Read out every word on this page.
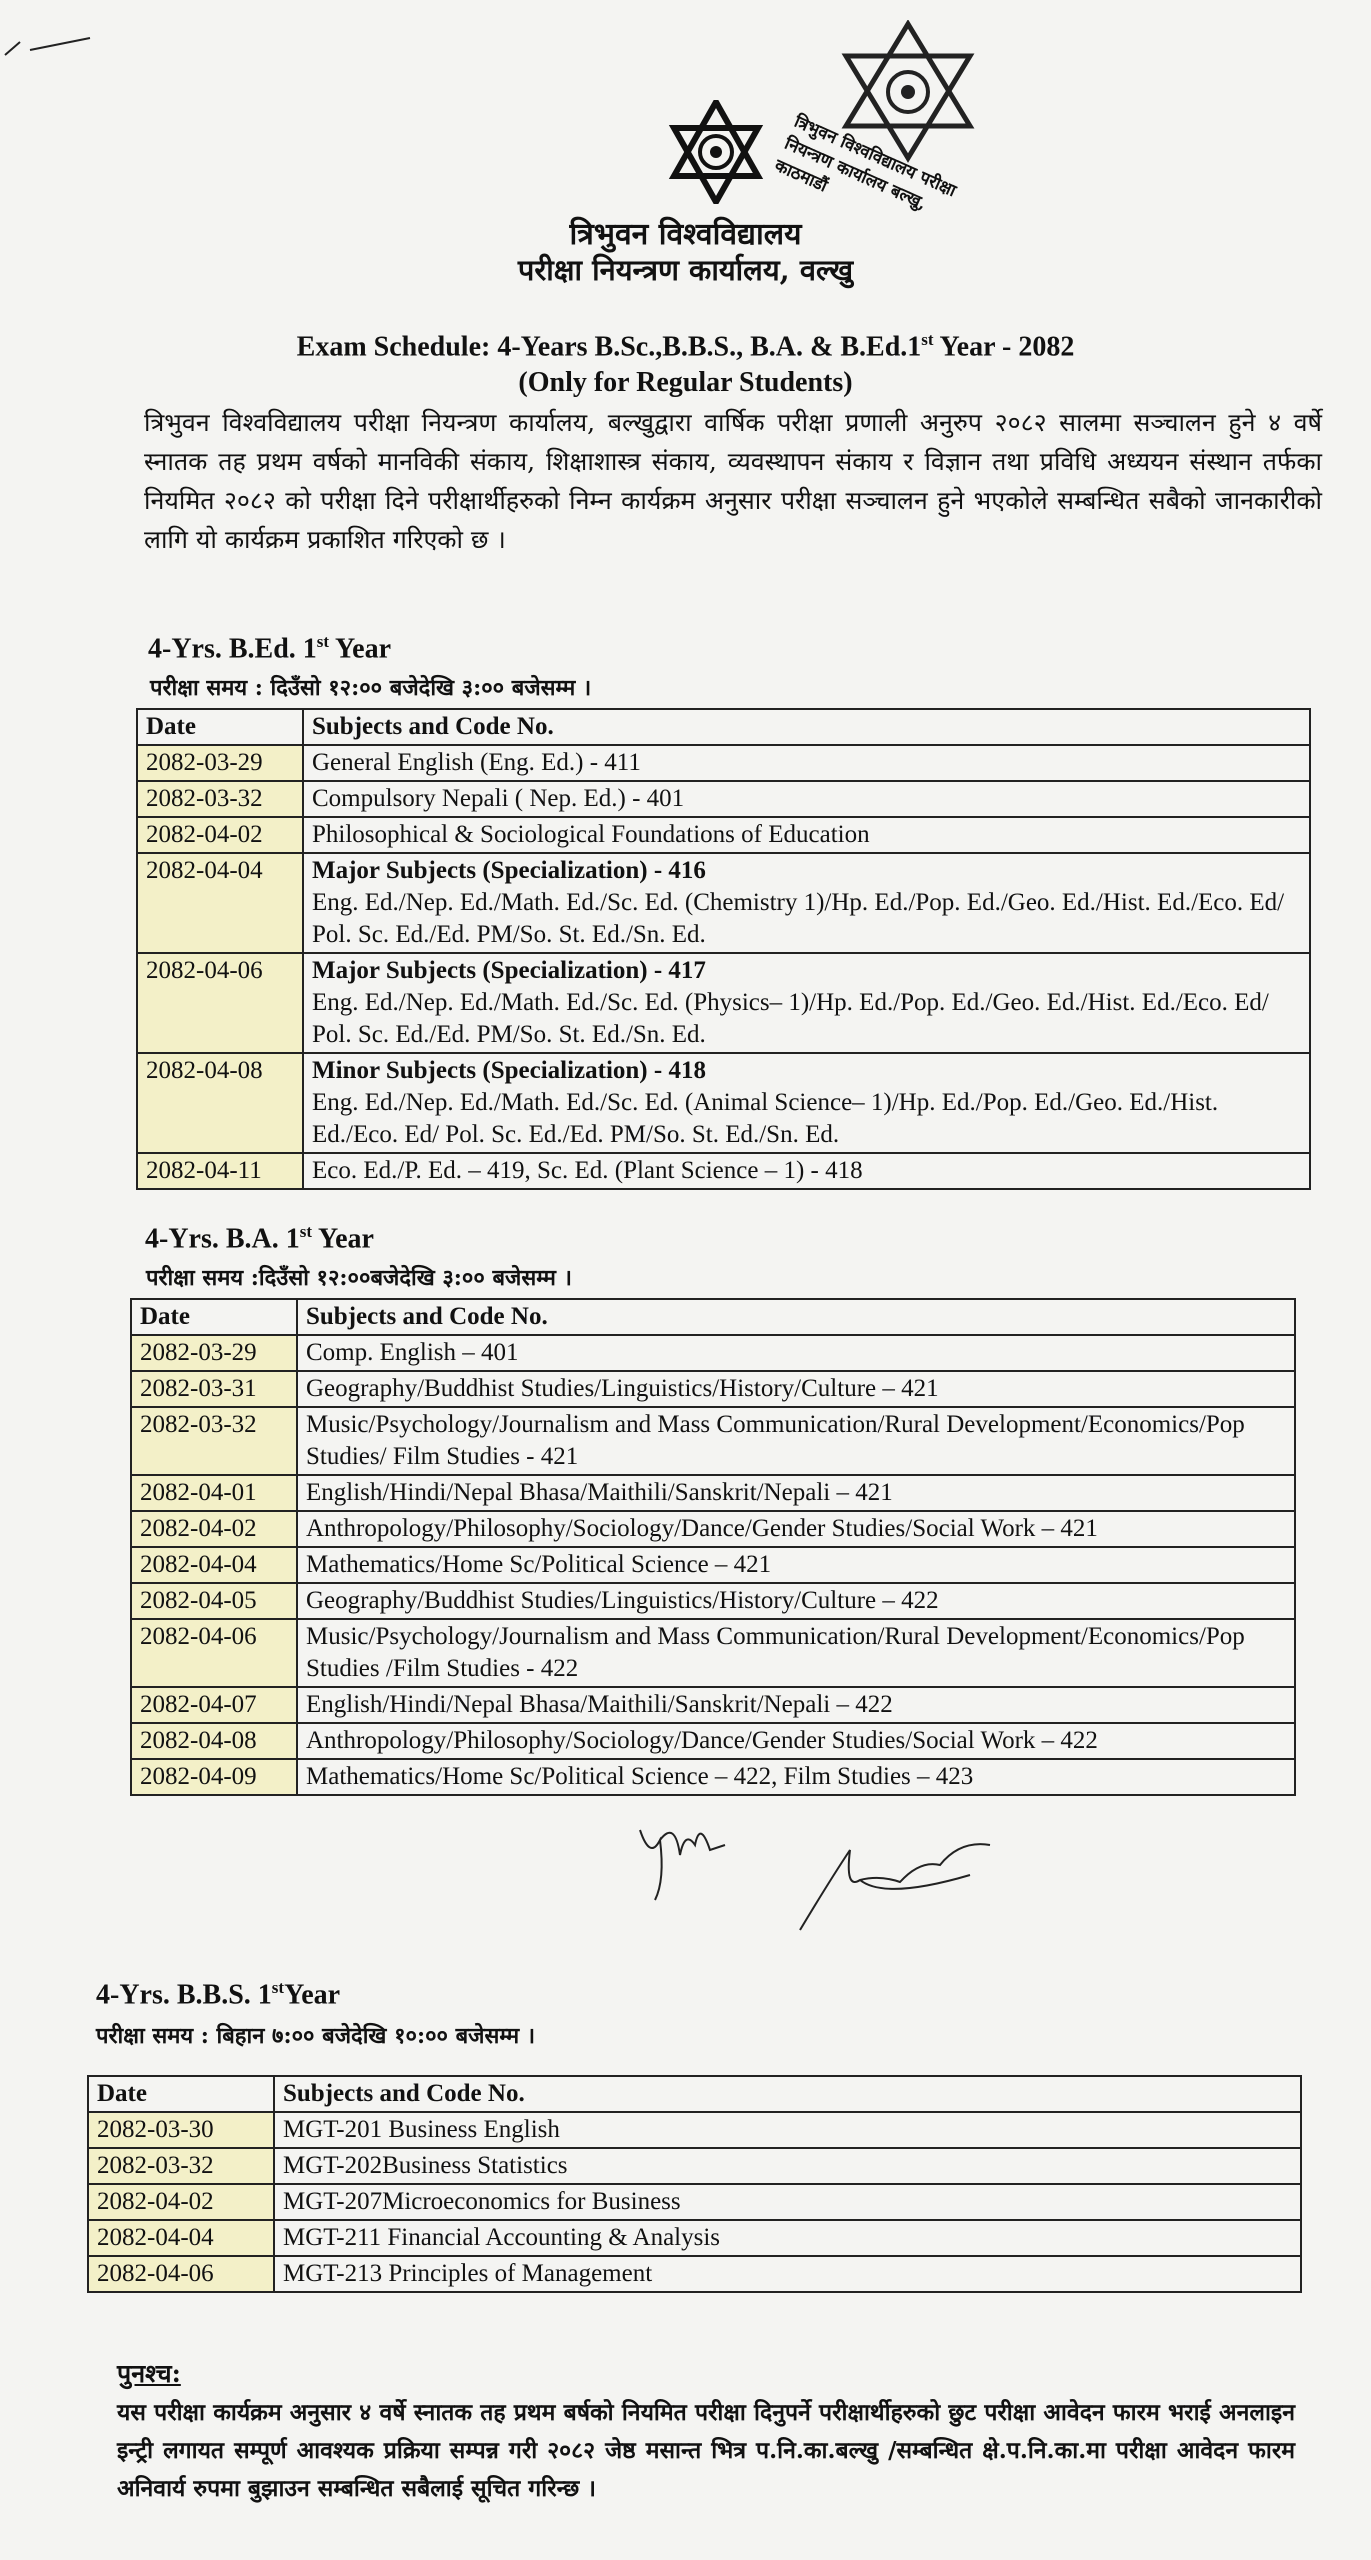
त्रिभुवन विश्वविद्यालय परीक्षा नियन्त्रण कार्यालय बल्खु, काठमाडौं
त्रिभुवन विश्वविद्यालय
परीक्षा नियन्त्रण कार्यालय, वल्खु
Exam Schedule: 4-Years B.Sc.,B.B.S., B.A. & B.Ed.1st Year - 2082
(Only for Regular Students)
त्रिभुवन विश्वविद्यालय परीक्षा नियन्त्रण कार्यालय, बल्खुद्वारा वार्षिक परीक्षा प्रणाली अनुरुप २०८२ सालमा सञ्चालन हुने ४ वर्षे स्नातक तह प्रथम वर्षको मानविकी संकाय, शिक्षाशास्त्र संकाय, व्यवस्थापन संकाय र विज्ञान तथा प्रविधि अध्ययन संस्थान तर्फका नियमित २०८२ को परीक्षा दिने परीक्षार्थीहरुको निम्न कार्यक्रम अनुसार परीक्षा सञ्चालन हुने भएकोले सम्बन्धित सबैको जानकारीको लागि यो कार्यक्रम प्रकाशित गरिएको छ ।
4-Yrs. B.Ed. 1st Year
परीक्षा समय : दिउँसो १२:०० बजेदेखि ३:०० बजेसम्म ।
Date	Subjects and Code No.
2082-03-29	General English (Eng. Ed.) - 411

2082-03-32	Compulsory Nepali ( Nep. Ed.) - 401

2082-04-02	Philosophical & Sociological Foundations of Education

2082-04-04	Major Subjects (Specialization) - 416
Eng. Ed./Nep. Ed./Math. Ed./Sc. Ed. (Chemistry 1)/Hp. Ed./Pop. Ed./Geo. Ed./Hist. Ed./Eco. Ed/ Pol. Sc. Ed./Ed. PM/So. St. Ed./Sn. Ed.

2082-04-06	Major Subjects (Specialization) - 417
Eng. Ed./Nep. Ed./Math. Ed./Sc. Ed. (Physics– 1)/Hp. Ed./Pop. Ed./Geo. Ed./Hist. Ed./Eco. Ed/ Pol. Sc. Ed./Ed. PM/So. St. Ed./Sn. Ed.

2082-04-08	Minor Subjects (Specialization) - 418
Eng. Ed./Nep. Ed./Math. Ed./Sc. Ed. (Animal Science– 1)/Hp. Ed./Pop. Ed./Geo. Ed./Hist. Ed./Eco. Ed/ Pol. Sc. Ed./Ed. PM/So. St. Ed./Sn. Ed.

2082-04-11	Eco. Ed./P. Ed. – 419, Sc. Ed. (Plant Science – 1) - 418
4-Yrs. B.A. 1st Year
परीक्षा समय :दिउँसो १२:००बजेदेखि ३:०० बजेसम्म ।
Date	Subjects and Code No.
2082-03-29	Comp. English – 401
2082-03-31	Geography/Buddhist Studies/Linguistics/History/Culture – 421
2082-03-32	Music/Psychology/Journalism and Mass Communication/Rural Development/Economics/Pop Studies/ Film Studies - 421
2082-04-01	English/Hindi/Nepal Bhasa/Maithili/Sanskrit/Nepali – 421
2082-04-02	Anthropology/Philosophy/Sociology/Dance/Gender Studies/Social Work – 421
2082-04-04	Mathematics/Home Sc/Political Science – 421
2082-04-05	Geography/Buddhist Studies/Linguistics/History/Culture – 422
2082-04-06	Music/Psychology/Journalism and Mass Communication/Rural Development/Economics/Pop Studies /Film Studies - 422
2082-04-07	English/Hindi/Nepal Bhasa/Maithili/Sanskrit/Nepali – 422
2082-04-08	Anthropology/Philosophy/Sociology/Dance/Gender Studies/Social Work – 422
2082-04-09	Mathematics/Home Sc/Political Science – 422, Film Studies – 423
4-Yrs. B.B.S. 1stYear
परीक्षा समय : बिहान ७:०० बजेदेखि १०:०० बजेसम्म ।
Date	Subjects and Code No.
2082-03-30	MGT-201 Business English
2082-03-32	MGT-202Business Statistics
2082-04-02	MGT-207Microeconomics for Business
2082-04-04	MGT-211 Financial Accounting & Analysis
2082-04-06	MGT-213 Principles of Management
पुनश्च:
यस परीक्षा कार्यक्रम अनुसार ४ वर्षे स्नातक तह प्रथम बर्षको नियमित परीक्षा दिनुपर्ने परीक्षार्थीहरुको छुट परीक्षा आवेदन फारम भराई अनलाइन इन्ट्री लगायत सम्पूर्ण आवश्यक प्रक्रिया सम्पन्न गरी २०८२ जेष्ठ मसान्त भित्र प.नि.का.बल्खु /सम्बन्धित क्षे.प.नि.का.मा परीक्षा आवेदन फारम अनिवार्य रुपमा बुझाउन सम्बन्धित सबैलाई सूचित गरिन्छ ।
